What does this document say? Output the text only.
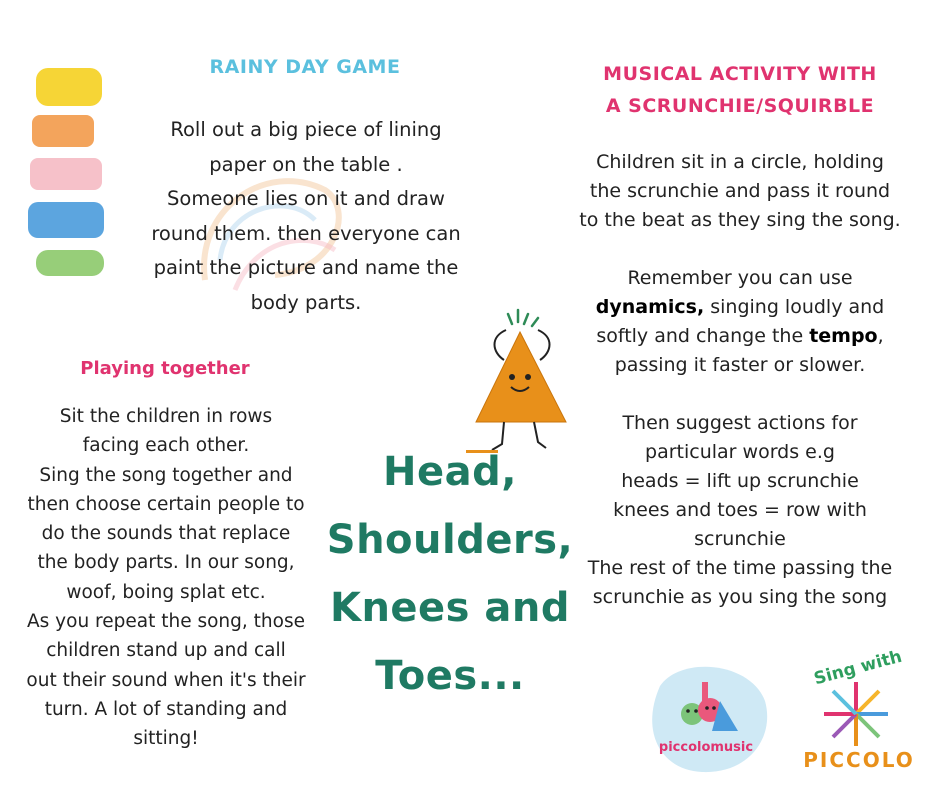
RAINY DAY GAME
Roll out a big piece of lining
paper on the table .
Someone lies on it and draw
round them. then everyone can
paint the picture and name the
body parts.
MUSICAL ACTIVITY WITH
A SCRUNCHIE/SQUIRBLE
Children sit in a circle, holding
the scrunchie and pass it round
to the beat as they sing the song.

Remember you can use
dynamics, singing loudly and
softly and change the tempo,
passing it faster or slower.

Then suggest actions for
particular words e.g
heads = lift up scrunchie
knees and toes = row with
scrunchie
The rest of the time passing the
scrunchie as you sing the song
Playing together
Sit the children in rows
facing each other.
Sing the song together and
then choose certain people to
do the sounds that replace
the body parts. In our song,
woof, boing splat etc.
As you repeat the song, those
children stand up and call
out their sound when it's their
turn. A lot of standing and
sitting!
Head,
Shoulders,
Knees and
Toes...
piccolomusic
Sing with
PICCOLO
